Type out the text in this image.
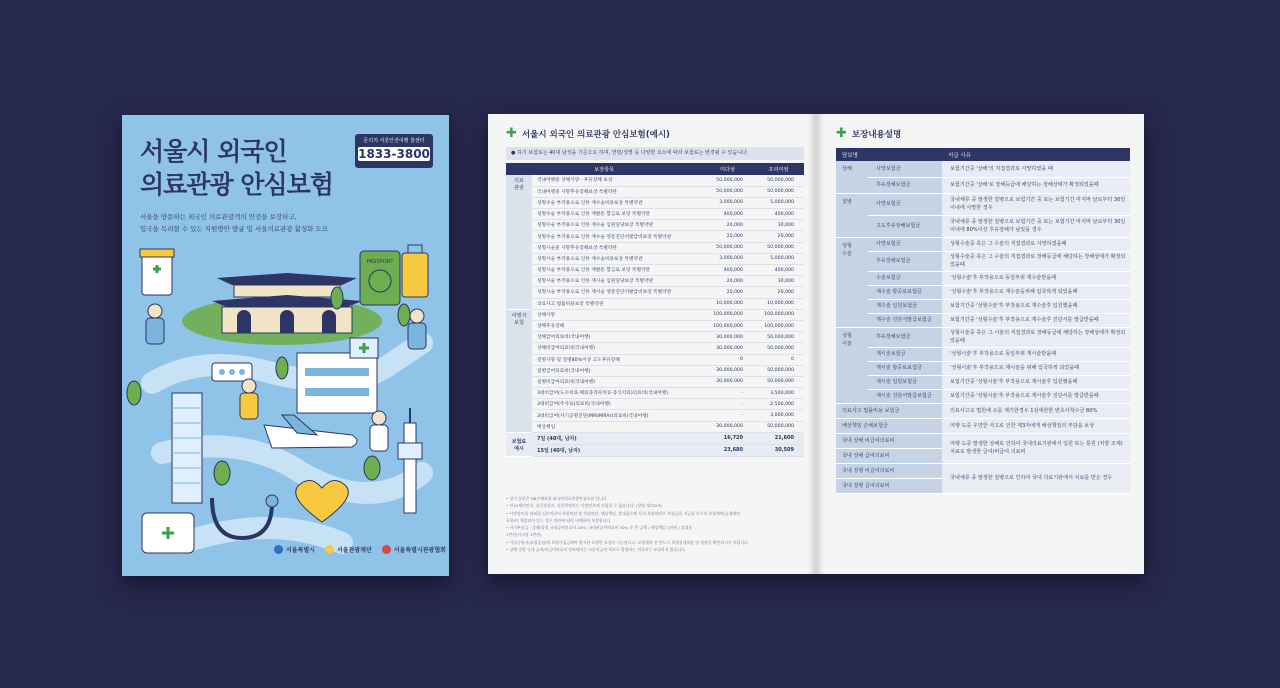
서울시 외국인
의료관광 안심보험
문의처 서울안전여행 콜센터
1833-3800
서울을 방문하는 외국인 의료관광객의 안전을 보장하고,
입국을 독려할 수 있는 지원방안 발굴 및 서울의료관광 활성화 도모
PASSPORT
서울특별시	서울관광재단	서울특별시관광협회
✚ 서울시 외국인 의료관광 안심보험(예시)
● 하기 보험료는 40대 남성을 기준으로 하며, 연령/성별 등 다양한 요소에 따라 보험료는 변경될 수 있습니다.
보장항목		미다엄	프리미엄
의료
관광	국내여행중 상해사망 · 후유장해 보상	50,000,000	50,000,000
	국내여행중 사망후유장해보상 특별약관	50,000,000	50,000,000
	성형수술 부작용으로 인한 재수술비용보상 특별약관	3,000,000	5,000,000
	성형수술 부작용으로 인한 재발문 합금로 보장 특별약관	400,000	400,000
	성형수술 부작용으로 인한 재수술 입원일당보장 특별약관	20,000	30,000
	성형수술 부작용으로 인한 재수술 영문진단서발급비보장 특별약관	20,000	20,000
	성형시술중 사망후유장해보상 특별약관	50,000,000	50,000,000
	성형시술 부작용으로 인한 재수술비용보상 특별약관	3,000,000	5,000,000
	성형시술 부작용으로 인한 재발문 합금로 보장 특별약관	400,000	400,000
	성형시술 부작용으로 인한 재시술 입원일당보장 특별약관	20,000	30,000
	성형시술 부작용으로 인한 재시술 영문진단서발급비보장 특별약관	20,000	20,000
	의료사고 법률비용보장 특별약관	10,000,000	10,000,000
여행자
보험	상해사망	100,000,000	100,000,000
	상해후유장해	100,000,000	100,000,000
	상해급여의료비(국내여행)	30,000,000	50,000,000
	상해비급여의료비(국내여행)	30,000,000	50,000,000
	질병사망 및 질병80%이상 고도후유장해	0	0
	질병급여의료비(국내여행)	30,000,000	50,000,000
	질병비급여의료비(국내여행)	30,000,000	50,000,000
	3대비급여(도수치료·체외충격파치료·증식치료)의료비(국내여행)	-	3,500,000
	3대비급여(주사료)의료비(국내여행)	-	2,500,000
	3대비급여(자기공명진단(MRI/MRA))의료비(국내여행)	-	3,000,000
	배상책임	30,000,000	50,000,000
보험료
예시	7일 (40대, 남자)	16,720	21,600
	15일 (40대, 남자)	23,680	30,509
• 상기 상품은 DB손해보험 외국인의료관광안심보험 입니다
• 만15세미만자, 심신상실자, 심신박약자는 사망담보에 가입할 수 없습니다. (상법 제732조)
• 사망담보를 제외한 실손의료비 특별약관 및 특별약관, 배상책임, 휴대품손해 등의 특별약관은 보험금을 지급할 다수의 보험계약(공제계약
포함)이 체결되어 있는 경우 약관에 따라 비례하여 보상합니다.
• 자기부담금 : 상해/질병 국내급여의료비 20%, 국내비급여의료비 30% 중 큰 금액 / 배상책임 1만원 / 휴대품
1만원(사고당 1만원)
• 가입증명서(보험증권)에 보험가입금액이 명시된 보험만 보상이 가능합니다. 보험계약 전 반드시 보험상세내용 및 약관을 확인하시기 바랍니다.
• 상해·질병 국내 급여/비급여의료비 담보에서는 3대 비급여 치료로 발생하는 의료비는 보상하지 않습니다.
✚ 보장내용설명
담보명		지급 사유
상해	사망보험금	보험기간중 '상해'의 직접결과로 사망하였을 때
	후유장해보험금	보험기간중 '상해'로 장해등급에 해당하는 장해상태가 확정되었을때
질병	사망보험금	국내체류 중 발생한 질병으로 보험기간 중 또는 보험기간 마지막 날로부터 30일 이내에 사망한 경우
	고도후유장해보험금	국내체류 중 발생한 질병으로 보험기간 중 또는 보험기간 마지막 날로부터 30일 이내에 80%이상 후유장해가 남았을 경우
성형
수술	사망보험금	성형수술중 혹은 그 수술의 직접결과로 사망하였을때
	후유장해보험금	성형수술중 혹은 그 수술의 직접결과로 장해등급에 해당하는 장해상태가 확정되었을때
	수술보험금	'성형수술'후 부작용으로 동일부위 재수술받을때
	재수술 항공료보험금	'성형수술'후 부작용으로 재수술을위해 입국하게 되었을때
	재수술 입원보험금	보험기간중 '성형수술'후 부작용으로 재수술후 입원했을때
	재수술 진단서발급보험금	보험기간중 '성형수술'후 부작용으로 재수술후 진단서를 발급받을때
성형
시술	후유장해보험금	성형시술중 혹은 그 시술의 직접결과로 장해등급에 해당하는 장해상태가 확정되었을때
	재시술보험금	'성형시술'후 부작용으로 동일부위 재시술받을때
	재시술 항공료보험금	'성형시술'후 부작용으로 재시술을 위해 입국하게 되었을때
	재시술 입원보험금	보험기간중 '성형시술'후 부작용으로 재시술후 입원했을때
	재시술 진단서발급보험금	보험기간중 '성형시술'후 부작용으로 재시술후 진단서를 발급받을때
의료사고 법률비용 보험금		의료사고로 법원에 소를 제기한경우 1심에한한 변호사착수금 80%
배상책임 손해보험금		여행 도중 우연한 사고로 인한 제3자에게 배상책임의 부담을 보상
국내 상해 비급여의료비		여행 도중 발생한 상해로 인하여 국내의료기관에서 입원 또는 통원 (처방 조제) 치료로 발생한 급여/비급여 의료비
국내 상해 급여의료비		
국내 질병 비급여의료비		국내체류 중 발생한 질병으로 인하여 국내 의료기관에서 치료를 받은 경우
국내 질병 급여의료비		
